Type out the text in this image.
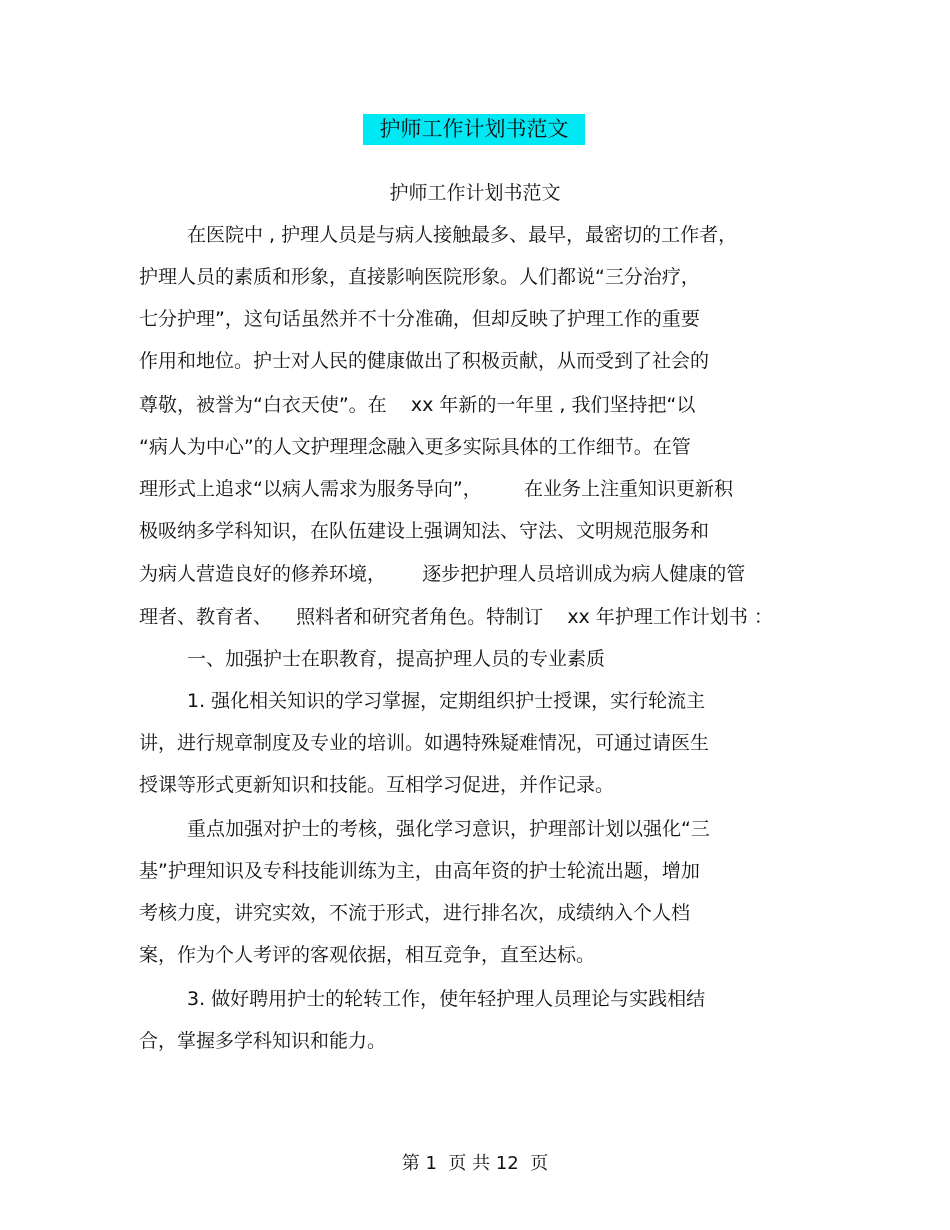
护师工作计划书范文
护师工作计划书范文
在医院中 , 护理人员是与病人接触最多、最早，最密切的工作者，
护理人员的素质和形象，直接影响医院形象。人们都说“三分治疗，
七分护理”，这句话虽然并不十分准确，但却反映了护理工作的重要
作用和地位。护士对人民的健康做出了积极贡献，从而受到了社会的
尊敬，被誉为“白衣天使”。在    xx 年新的一年里 , 我们坚持把“以
“病人为中心”的人文护理理念融入更多实际具体的工作细节。在管
理形式上追求“以病人需求为服务导向”，       在业务上注重知识更新积
极吸纳多学科知识，在队伍建设上强调知法、守法、文明规范服务和
为病人营造良好的修养环境，      逐步把护理人员培训成为病人健康的管
理者、教育者、    照料者和研究者角色。特制订    xx 年护理工作计划书 ：
一、加强护士在职教育，提高护理人员的专业素质
1. 强化相关知识的学习掌握，定期组织护士授课，实行轮流主
讲，进行规章制度及专业的培训。如遇特殊疑难情况，可通过请医生
授课等形式更新知识和技能。互相学习促进，并作记录。
重点加强对护士的考核，强化学习意识，护理部计划以强化“三
基”护理知识及专科技能训练为主，由高年资的护士轮流出题，增加
考核力度，讲究实效，不流于形式，进行排名次，成绩纳入个人档
案，作为个人考评的客观依据，相互竞争，直至达标。
3. 做好聘用护士的轮转工作，使年轻护理人员理论与实践相结
合，掌握多学科知识和能力。
第 1  页 共 12  页
